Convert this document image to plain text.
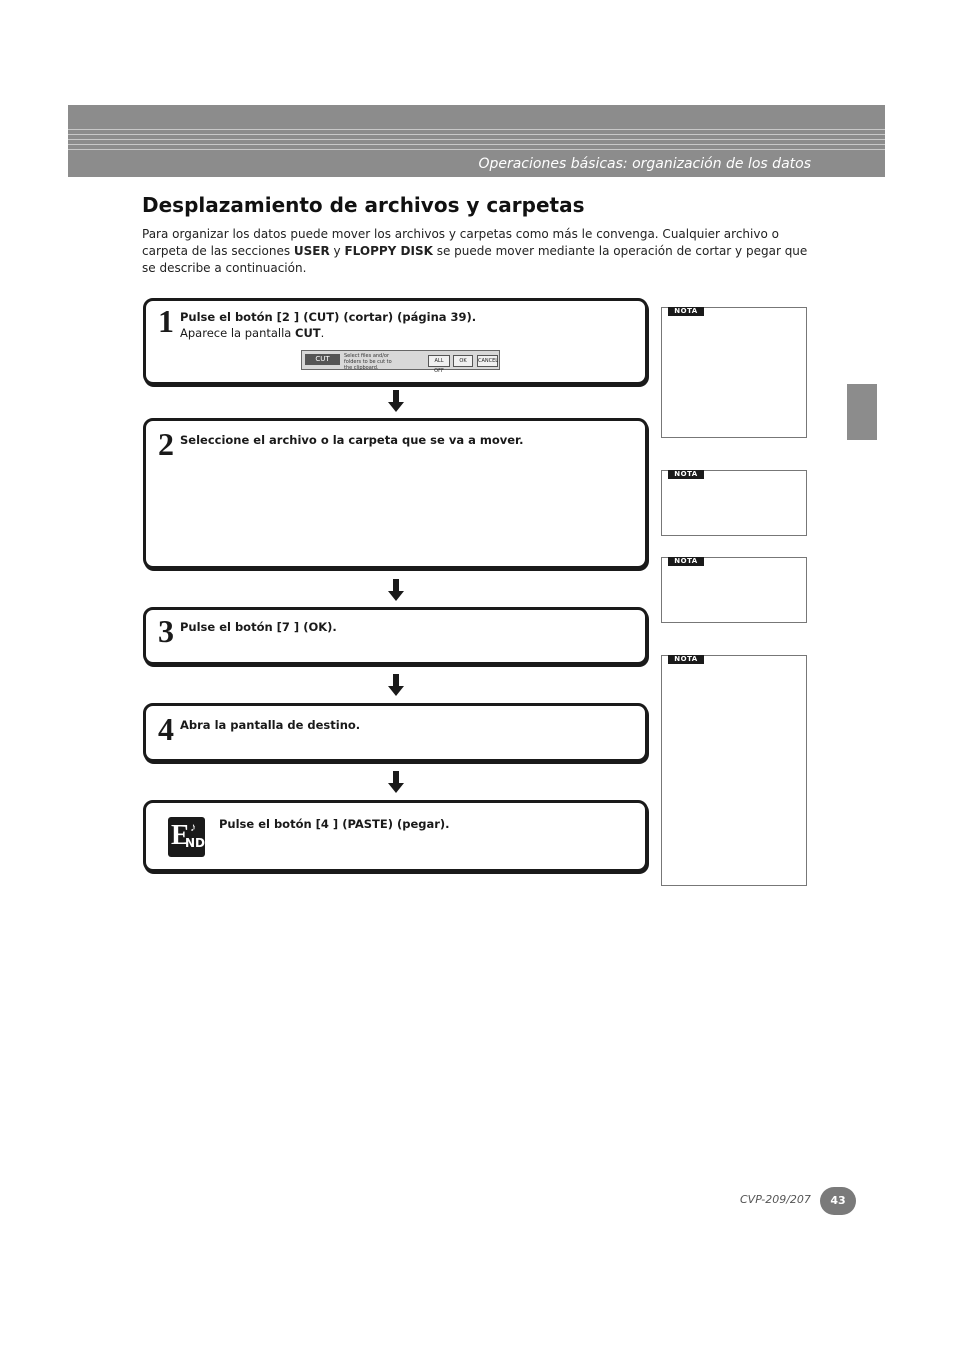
Operaciones básicas: organización de los datos
Desplazamiento de archivos y carpetas
Para organizar los datos puede mover los archivos y carpetas como más le convenga. Cualquier archivo o carpeta de las secciones USER y FLOPPY DISK se puede mover mediante la operación de cortar y pegar que se describe a continuación.
1 Pulse el botón [2 ] (CUT) (cortar) (página 39).
Aparece la pantalla CUT.
CUT	Select files and/or folders to be cut to the clipboard.
ALL OFF
OK	CANCEL
2 Seleccione el archivo o la carpeta que se va a mover.
3 Pulse el botón [7 ] (OK).
4 Abra la pantalla de destino.
E
ND
♪ Pulse el botón [4 ] (PASTE) (pegar).
NOTA
NOTA
NOTA
NOTA
CVP-209/207	43
